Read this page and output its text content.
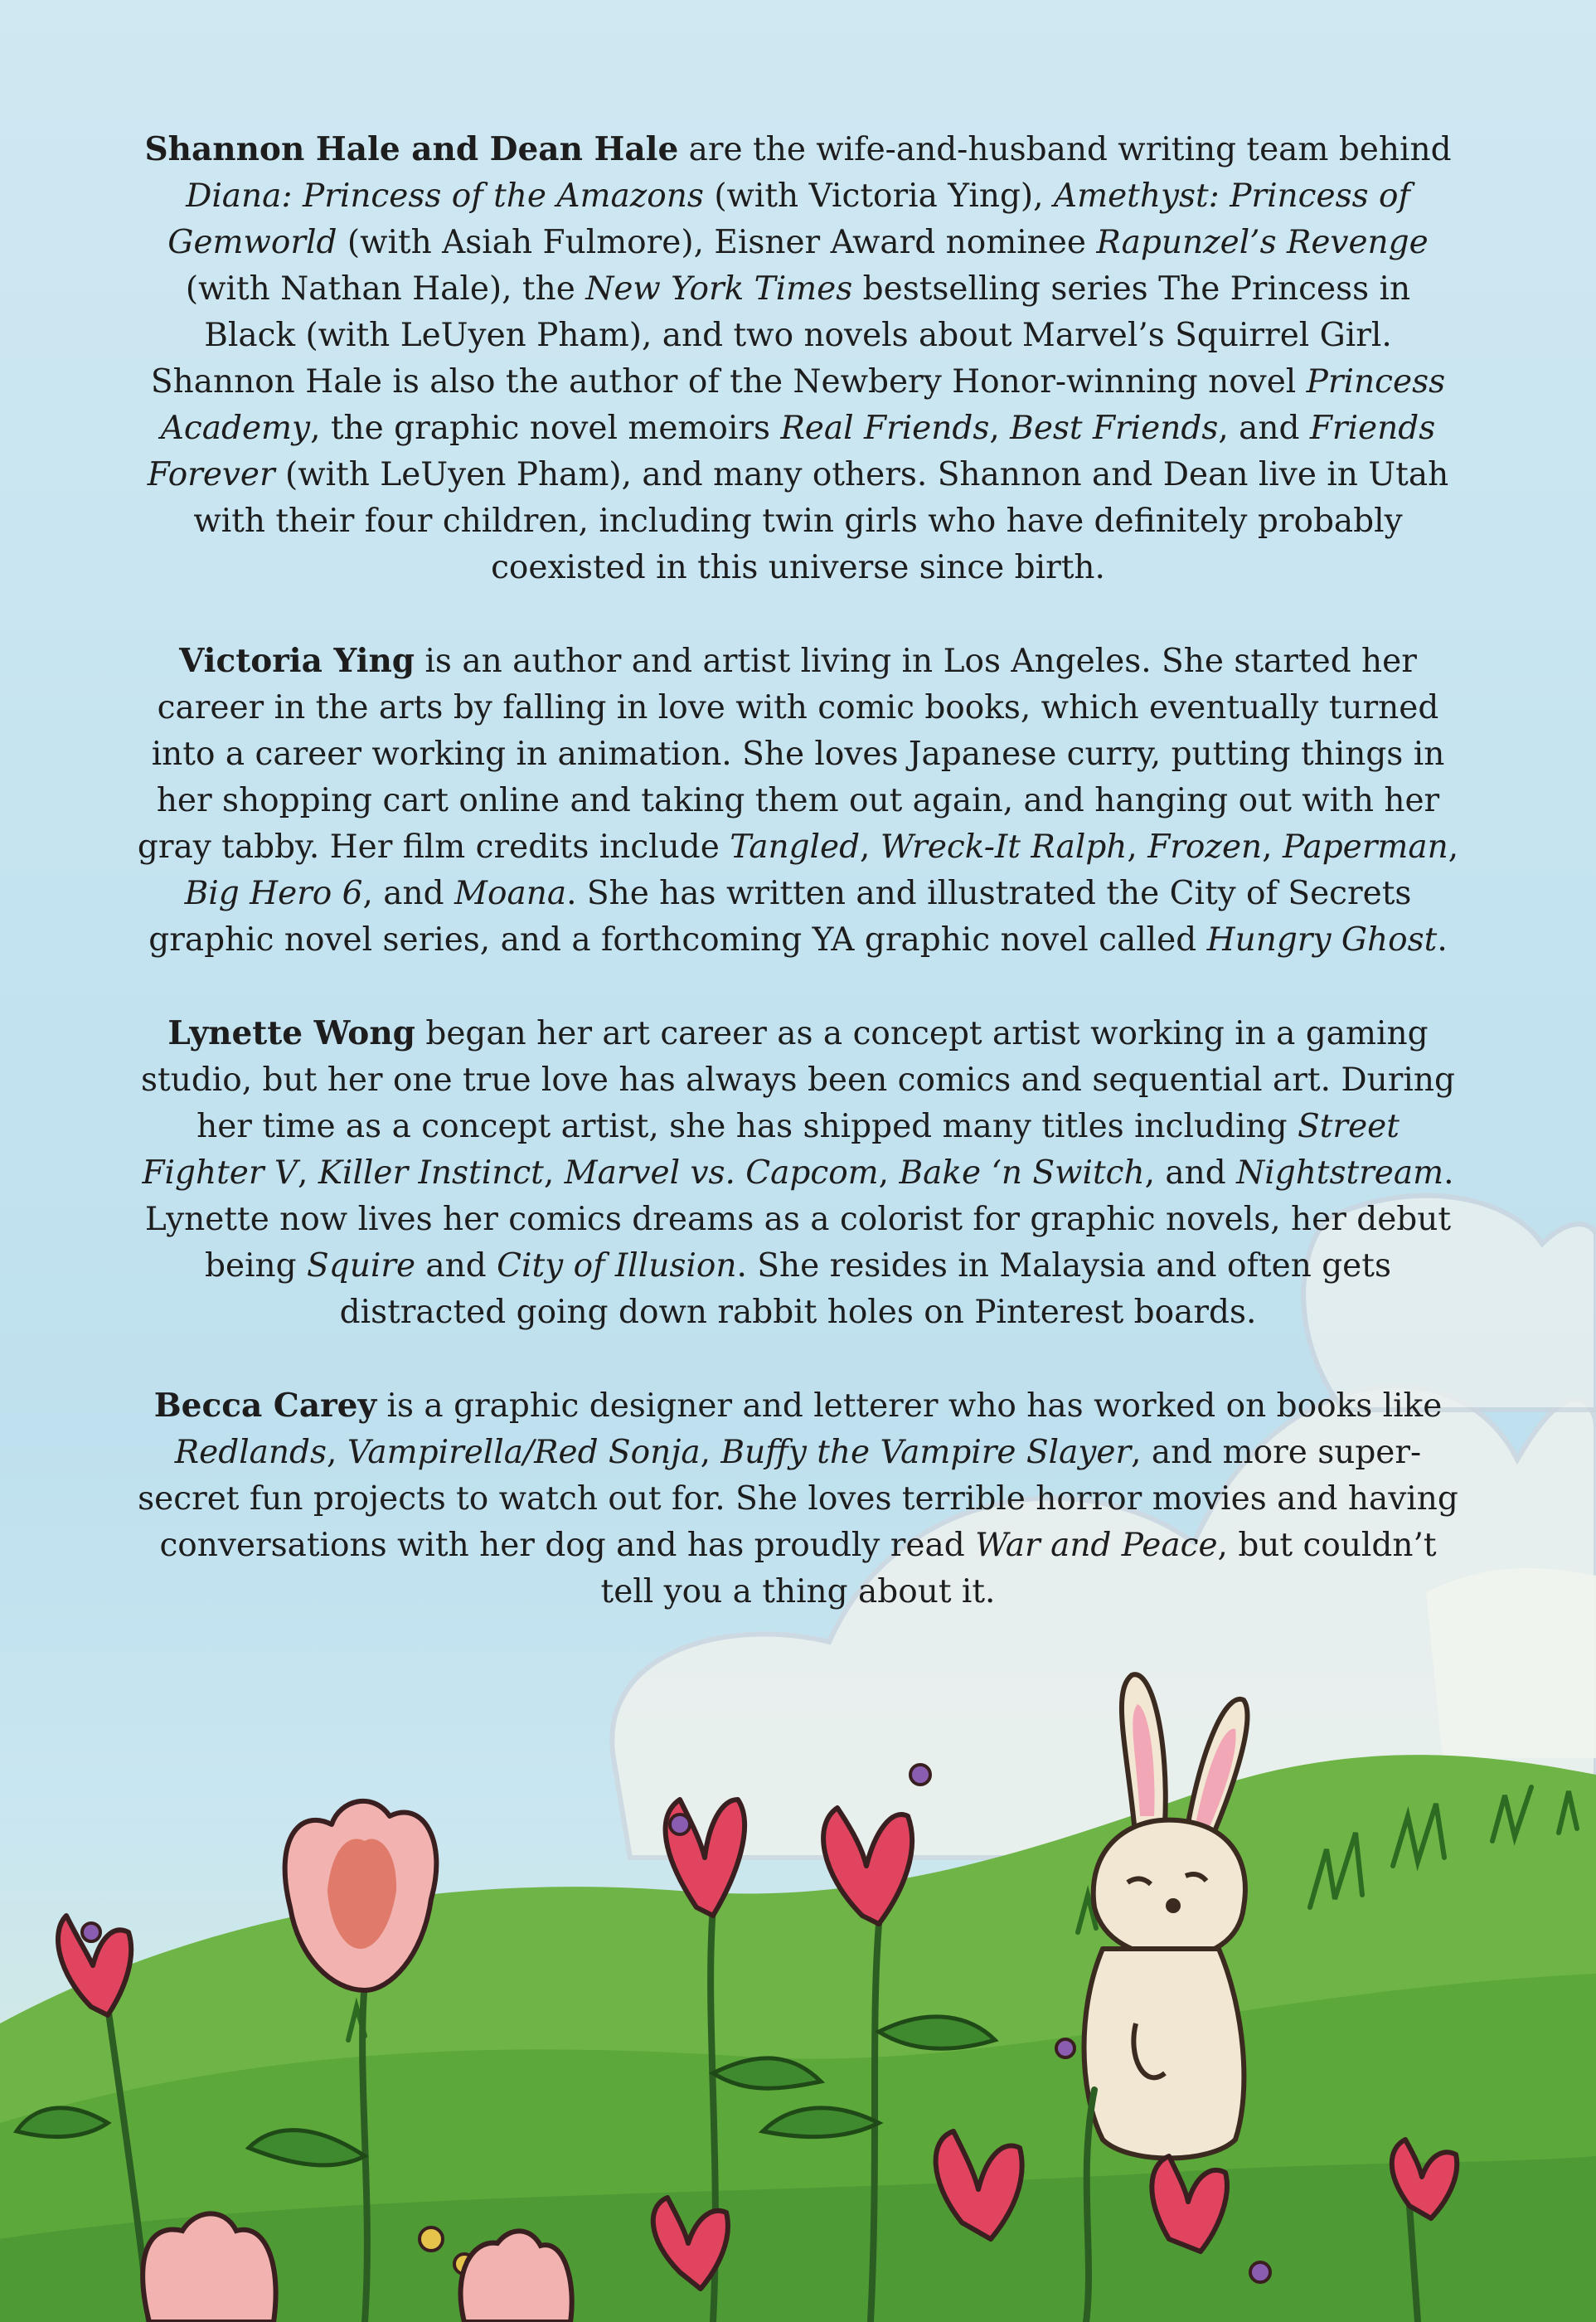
Shannon Hale and Dean Hale are the wife-and-husband writing team behind Diana: Princess of the Amazons (with Victoria Ying), Amethyst: Princess of Gemworld (with Asiah Fulmore), Eisner Award nominee Rapunzel’s Revenge (with Nathan Hale), the New York Times bestselling series The Princess in Black (with LeUyen Pham), and two novels about Marvel’s Squirrel Girl. Shannon Hale is also the author of the Newbery Honor-winning novel Princess Academy, the graphic novel memoirs Real Friends, Best Friends, and Friends Forever (with LeUyen Pham), and many others. Shannon and Dean live in Utah with their four children, including twin girls who have definitely probably coexisted in this universe since birth.

Victoria Ying is an author and artist living in Los Angeles. She started her career in the arts by falling in love with comic books, which eventually turned into a career working in animation. She loves Japanese curry, putting things in her shopping cart online and taking them out again, and hanging out with her gray tabby. Her film credits include Tangled, Wreck-It Ralph, Frozen, Paperman, Big Hero 6, and Moana. She has written and illustrated the City of Secrets graphic novel series, and a forthcoming YA graphic novel called Hungry Ghost.

Lynette Wong began her art career as a concept artist working in a gaming studio, but her one true love has always been comics and sequential art. During her time as a concept artist, she has shipped many titles including Street Fighter V, Killer Instinct, Marvel vs. Capcom, Bake ‘n Switch, and Nightstream. Lynette now lives her comics dreams as a colorist for graphic novels, her debut being Squire and City of Illusion. She resides in Malaysia and often gets distracted going down rabbit holes on Pinterest boards.

Becca Carey is a graphic designer and letterer who has worked on books like Redlands, Vampirella/Red Sonja, Buffy the Vampire Slayer, and more super-secret fun projects to watch out for. She loves terrible horror movies and having conversations with her dog and has proudly read War and Peace, but couldn’t tell you a thing about it.
